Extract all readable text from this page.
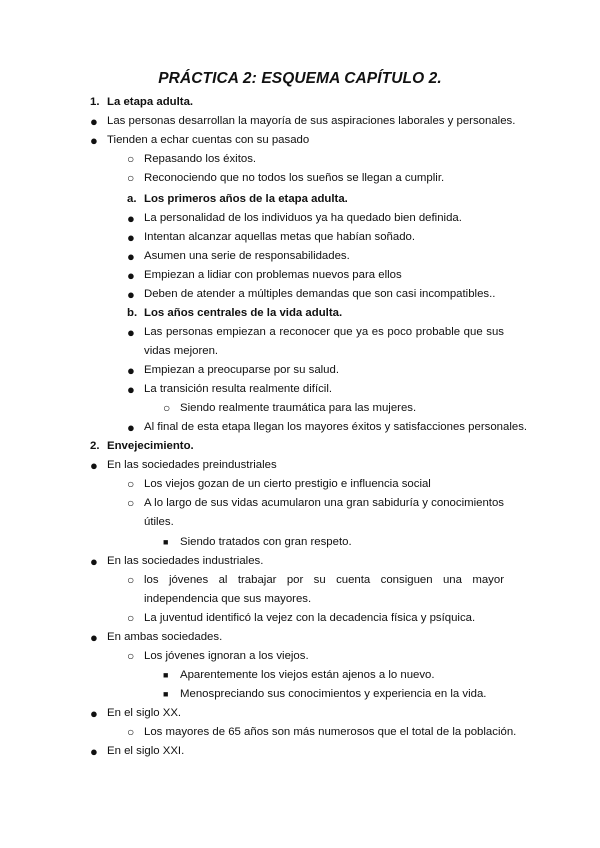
PRÁCTICA 2: ESQUEMA CAPÍTULO 2.
1. La etapa adulta.
● Las personas desarrollan la mayoría de sus aspiraciones laborales y personales.
● Tienden a echar cuentas con su pasado
○ Repasando los éxitos.
○ Reconociendo que no todos los sueños se llegan a cumplir.
a. Los primeros años de la etapa adulta.
● La personalidad de los individuos ya ha quedado bien definida.
● Intentan alcanzar aquellas metas que habían soñado.
● Asumen una serie de responsabilidades.
● Empiezan a lidiar con problemas nuevos para ellos
● Deben de atender a múltiples demandas que son casi incompatibles..
b. Los años centrales de la vida adulta.
● Las personas empiezan a reconocer que ya es poco probable que sus vidas mejoren.
● Empiezan a preocuparse por su salud.
● La transición resulta realmente difícil.
○ Siendo realmente traumática para las mujeres.
● Al final de esta etapa llegan los mayores éxitos y satisfacciones personales.
2. Envejecimiento.
● En las sociedades preindustriales
○ Los viejos gozan de un cierto prestigio e influencia social
○ A lo largo de sus vidas acumularon una gran sabiduría y conocimientos útiles.
■ Siendo tratados con gran respeto.
● En las sociedades industriales.
○ los jóvenes al trabajar por su cuenta consiguen una mayor independencia que sus mayores.
○ La juventud identificó la vejez con la decadencia física y psíquica.
● En ambas sociedades.
○ Los jóvenes ignoran a los viejos.
■ Aparentemente los viejos están ajenos a lo nuevo.
■ Menospreciando sus conocimientos y experiencia en la vida.
● En el siglo XX.
○ Los mayores de 65 años son más numerosos que el total de la población.
● En el siglo XXI.
